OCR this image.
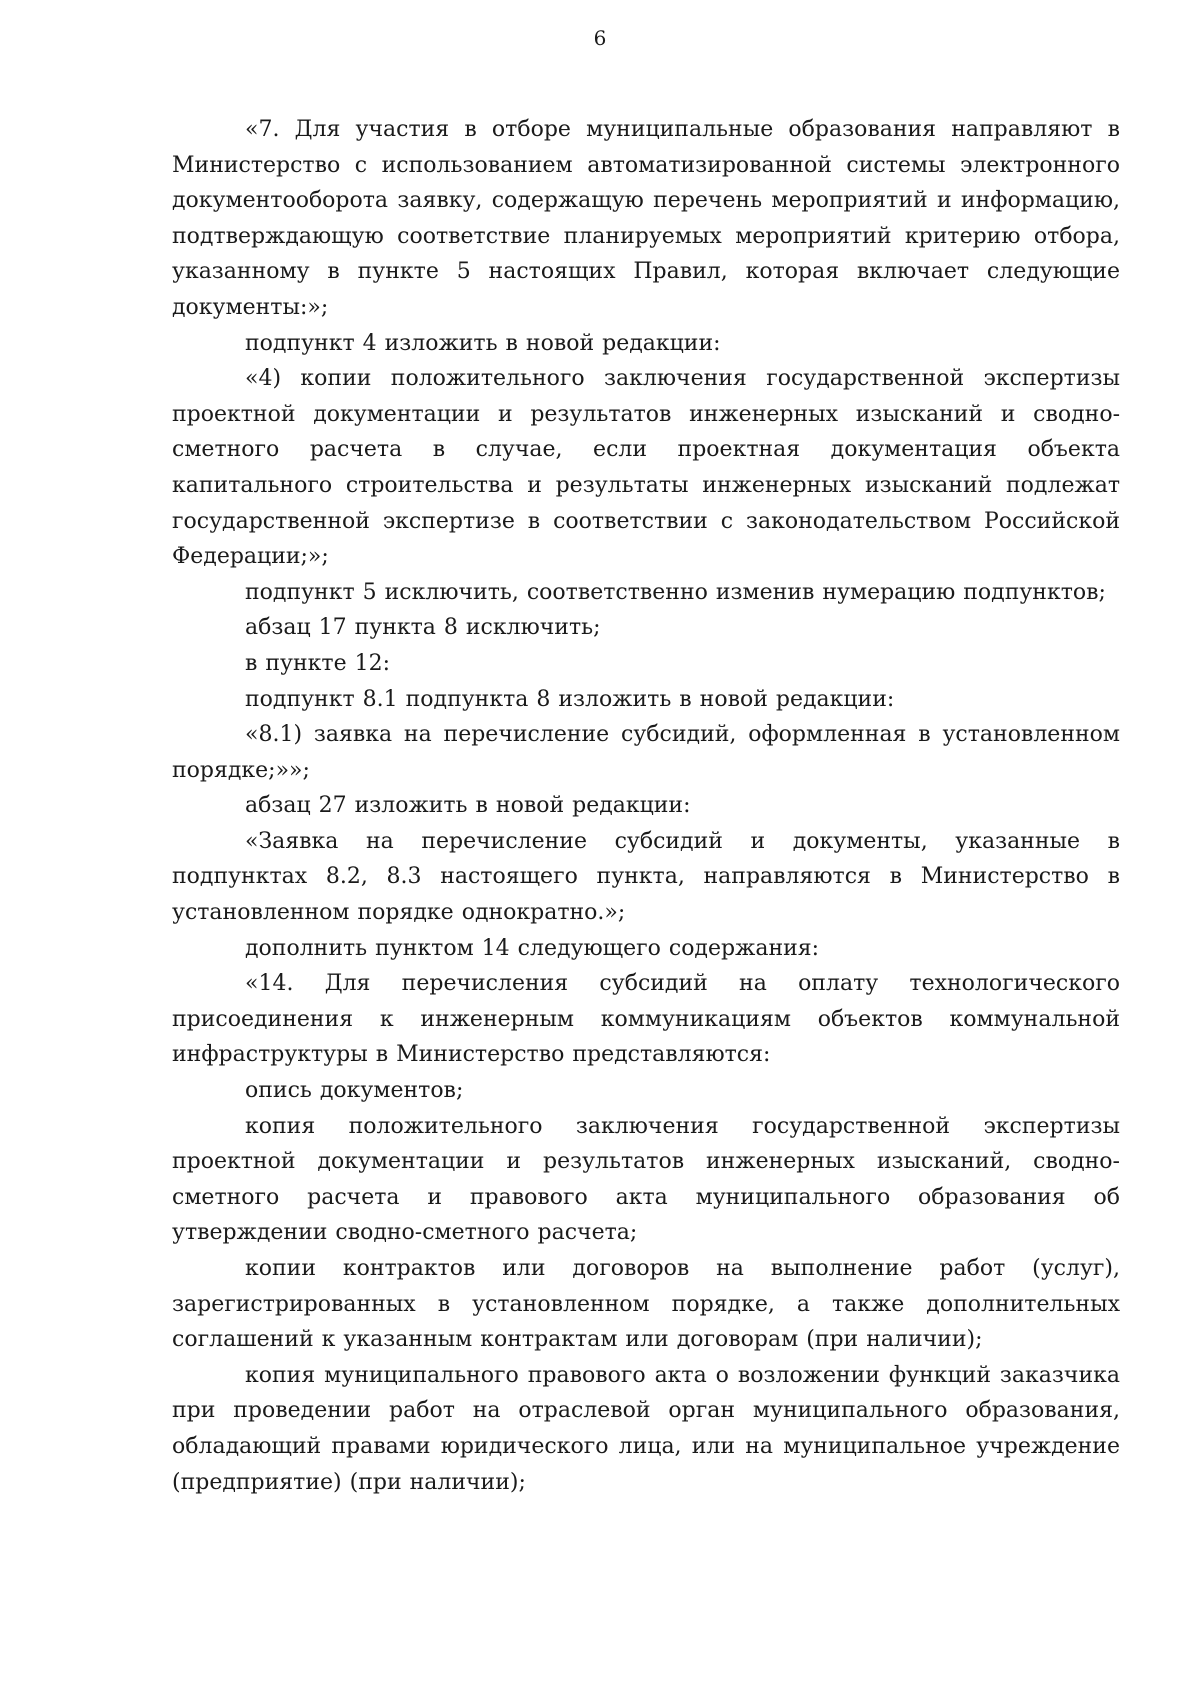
6

«7. Для участия в отборе муниципальные образования направляют в Министерство с использованием автоматизированной системы электронного документооборота заявку, содержащую перечень мероприятий и информацию, подтверждающую соответствие планируемых мероприятий критерию отбора, указанному в пункте 5 настоящих Правил, которая включает следующие документы:»;

подпункт 4 изложить в новой редакции:

«4) копии положительного заключения государственной экспертизы проектной документации и результатов инженерных изысканий и сводно-сметного расчета в случае, если проектная документация объекта капитального строительства и результаты инженерных изысканий подлежат государственной экспертизе в соответствии с законодательством Российской Федерации;»;

подпункт 5 исключить, соответственно изменив нумерацию подпунктов;

абзац 17 пункта 8 исключить;

в пункте 12:

подпункт 8.1 подпункта 8 изложить в новой редакции:

«8.1) заявка на перечисление субсидий, оформленная в установленном порядке;»»;

абзац 27 изложить в новой редакции:

«Заявка на перечисление субсидий и документы, указанные в подпунктах 8.2, 8.3 настоящего пункта, направляются в Министерство в установленном порядке однократно.»;

дополнить пунктом 14 следующего содержания:

«14. Для перечисления субсидий на оплату технологического присоединения к инженерным коммуникациям объектов коммунальной инфраструктуры в Министерство представляются:

опись документов;

копия положительного заключения государственной экспертизы проектной документации и результатов инженерных изысканий, сводно-сметного расчета и правового акта муниципального образования об утверждении сводно-сметного расчета;

копии контрактов или договоров на выполнение работ (услуг), зарегистрированных в установленном порядке, а также дополнительных соглашений к указанным контрактам или договорам (при наличии);

копия муниципального правового акта о возложении функций заказчика при проведении работ на отраслевой орган муниципального образования, обладающий правами юридического лица, или на муниципальное учреждение (предприятие) (при наличии);
